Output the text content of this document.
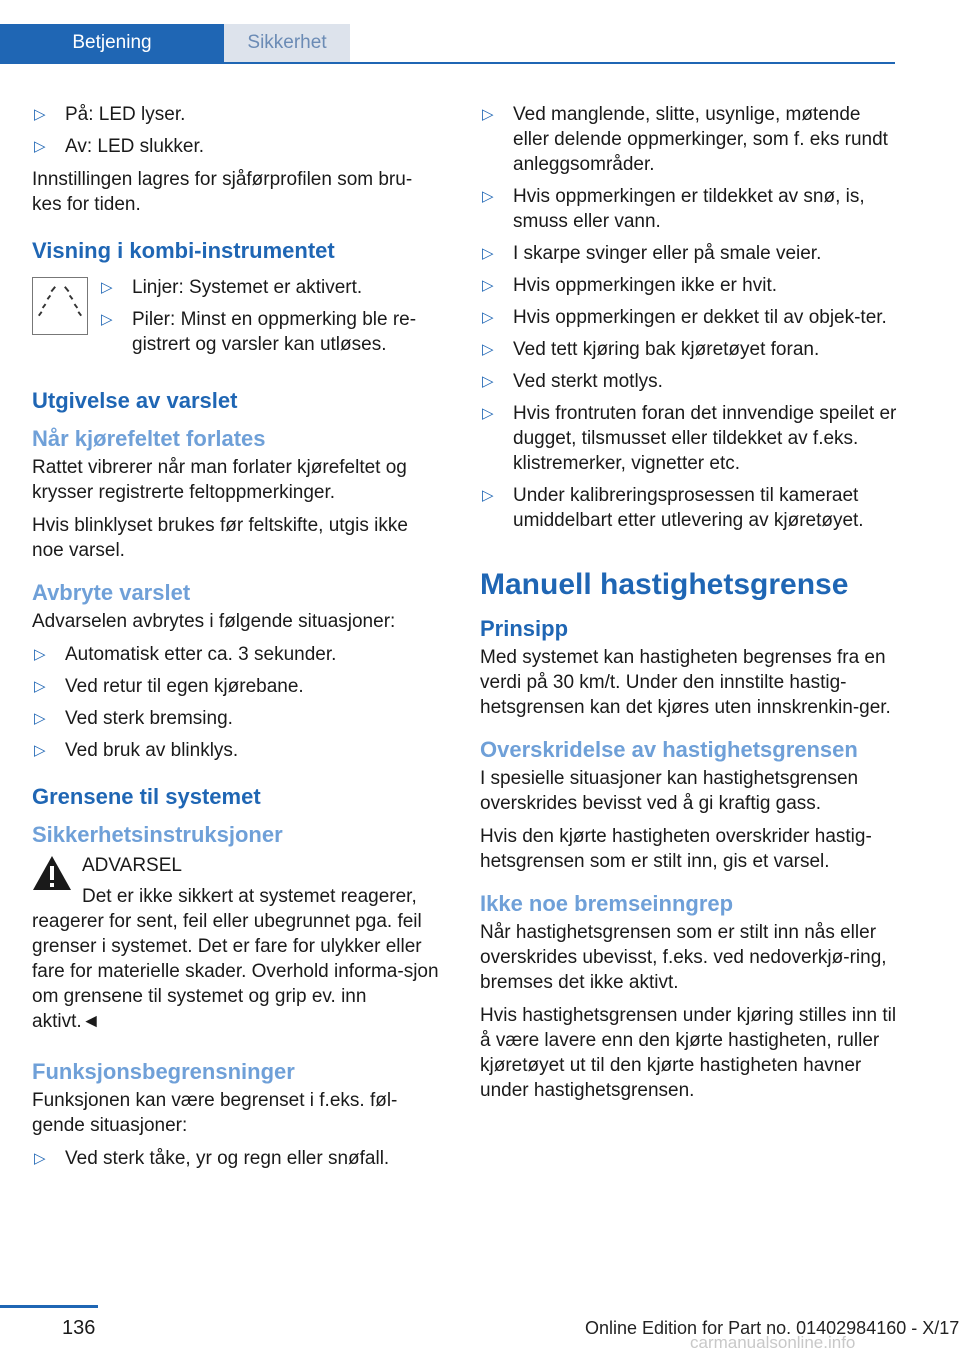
Betjening	Sikkerhet
▷ På: LED lyser.
▷ Av: LED slukker.

Innstillingen lagres for sjåførprofilen som bru-kes for tiden.

Visning i kombi-instrumentet
▷ Linjer: Systemet er aktivert.
▷ Piler: Minst en oppmerking ble re-gistrert og varsler kan utløses.
Utgivelse av varslet
Når kjørefeltet forlates

Rattet vibrerer når man forlater kjørefeltet og krysser registrerte feltoppmerkinger.

Hvis blinklyset brukes før feltskifte, utgis ikke noe varsel.

Avbryte varslet

Advarselen avbrytes i følgende situasjoner:

▷ Automatisk etter ca. 3 sekunder.
▷ Ved retur til egen kjørebane.
▷ Ved sterk bremsing.
▷ Ved bruk av blinklys.
Grensene til systemet
Sikkerhetsinstruksjoner

ADVARSEL

Det er ikke sikkert at systemet reagerer, reagerer for sent, feil eller ubegrunnet pga. feil grenser i systemet. Det er fare for ulykker eller fare for materielle skader. Overhold informa-sjon om grensene til systemet og grip ev. inn aktivt.◄

Funksjonsbegrensninger

Funksjonen kan være begrenset i f.eks. føl-gende situasjoner:

▷ Ved sterk tåke, yr og regn eller snøfall.
▷ Ved manglende, slitte, usynlige, møtende eller delende oppmerkinger, som f. eks rundt anleggsområder.
▷ Hvis oppmerkingen er tildekket av snø, is, smuss eller vann.
▷ I skarpe svinger eller på smale veier.
▷ Hvis oppmerkingen ikke er hvit.
▷ Hvis oppmerkingen er dekket til av objek-ter.
▷ Ved tett kjøring bak kjøretøyet foran.
▷ Ved sterkt motlys.
▷ Hvis frontruten foran det innvendige speilet er dugget, tilsmusset eller tildekket av f.eks. klistremerker, vignetter etc.
▷ Under kalibreringsprosessen til kameraet umiddelbart etter utlevering av kjøretøyet.
Manuell hastighetsgrense
Prinsipp

Med systemet kan hastigheten begrenses fra en verdi på 30 km/t. Under den innstilte hastig-hetsgrensen kan det kjøres uten innskrenkin-ger.

Overskridelse av hastighetsgrensen

I spesielle situasjoner kan hastighetsgrensen overskrides bevisst ved å gi kraftig gass.

Hvis den kjørte hastigheten overskrider hastig-hetsgrensen som er stilt inn, gis et varsel.

Ikke noe bremseinngrep

Når hastighetsgrensen som er stilt inn nås eller overskrides ubevisst, f.eks. ved nedoverkjø-ring, bremses det ikke aktivt.

Hvis hastighetsgrensen under kjøring stilles inn til å være lavere enn den kjørte hastigheten, ruller kjøretøyet ut til den kjørte hastigheten havner under hastighetsgrensen.

136	Online Edition for Part no. 01402984160 - X/17
carmanualsonline.info
